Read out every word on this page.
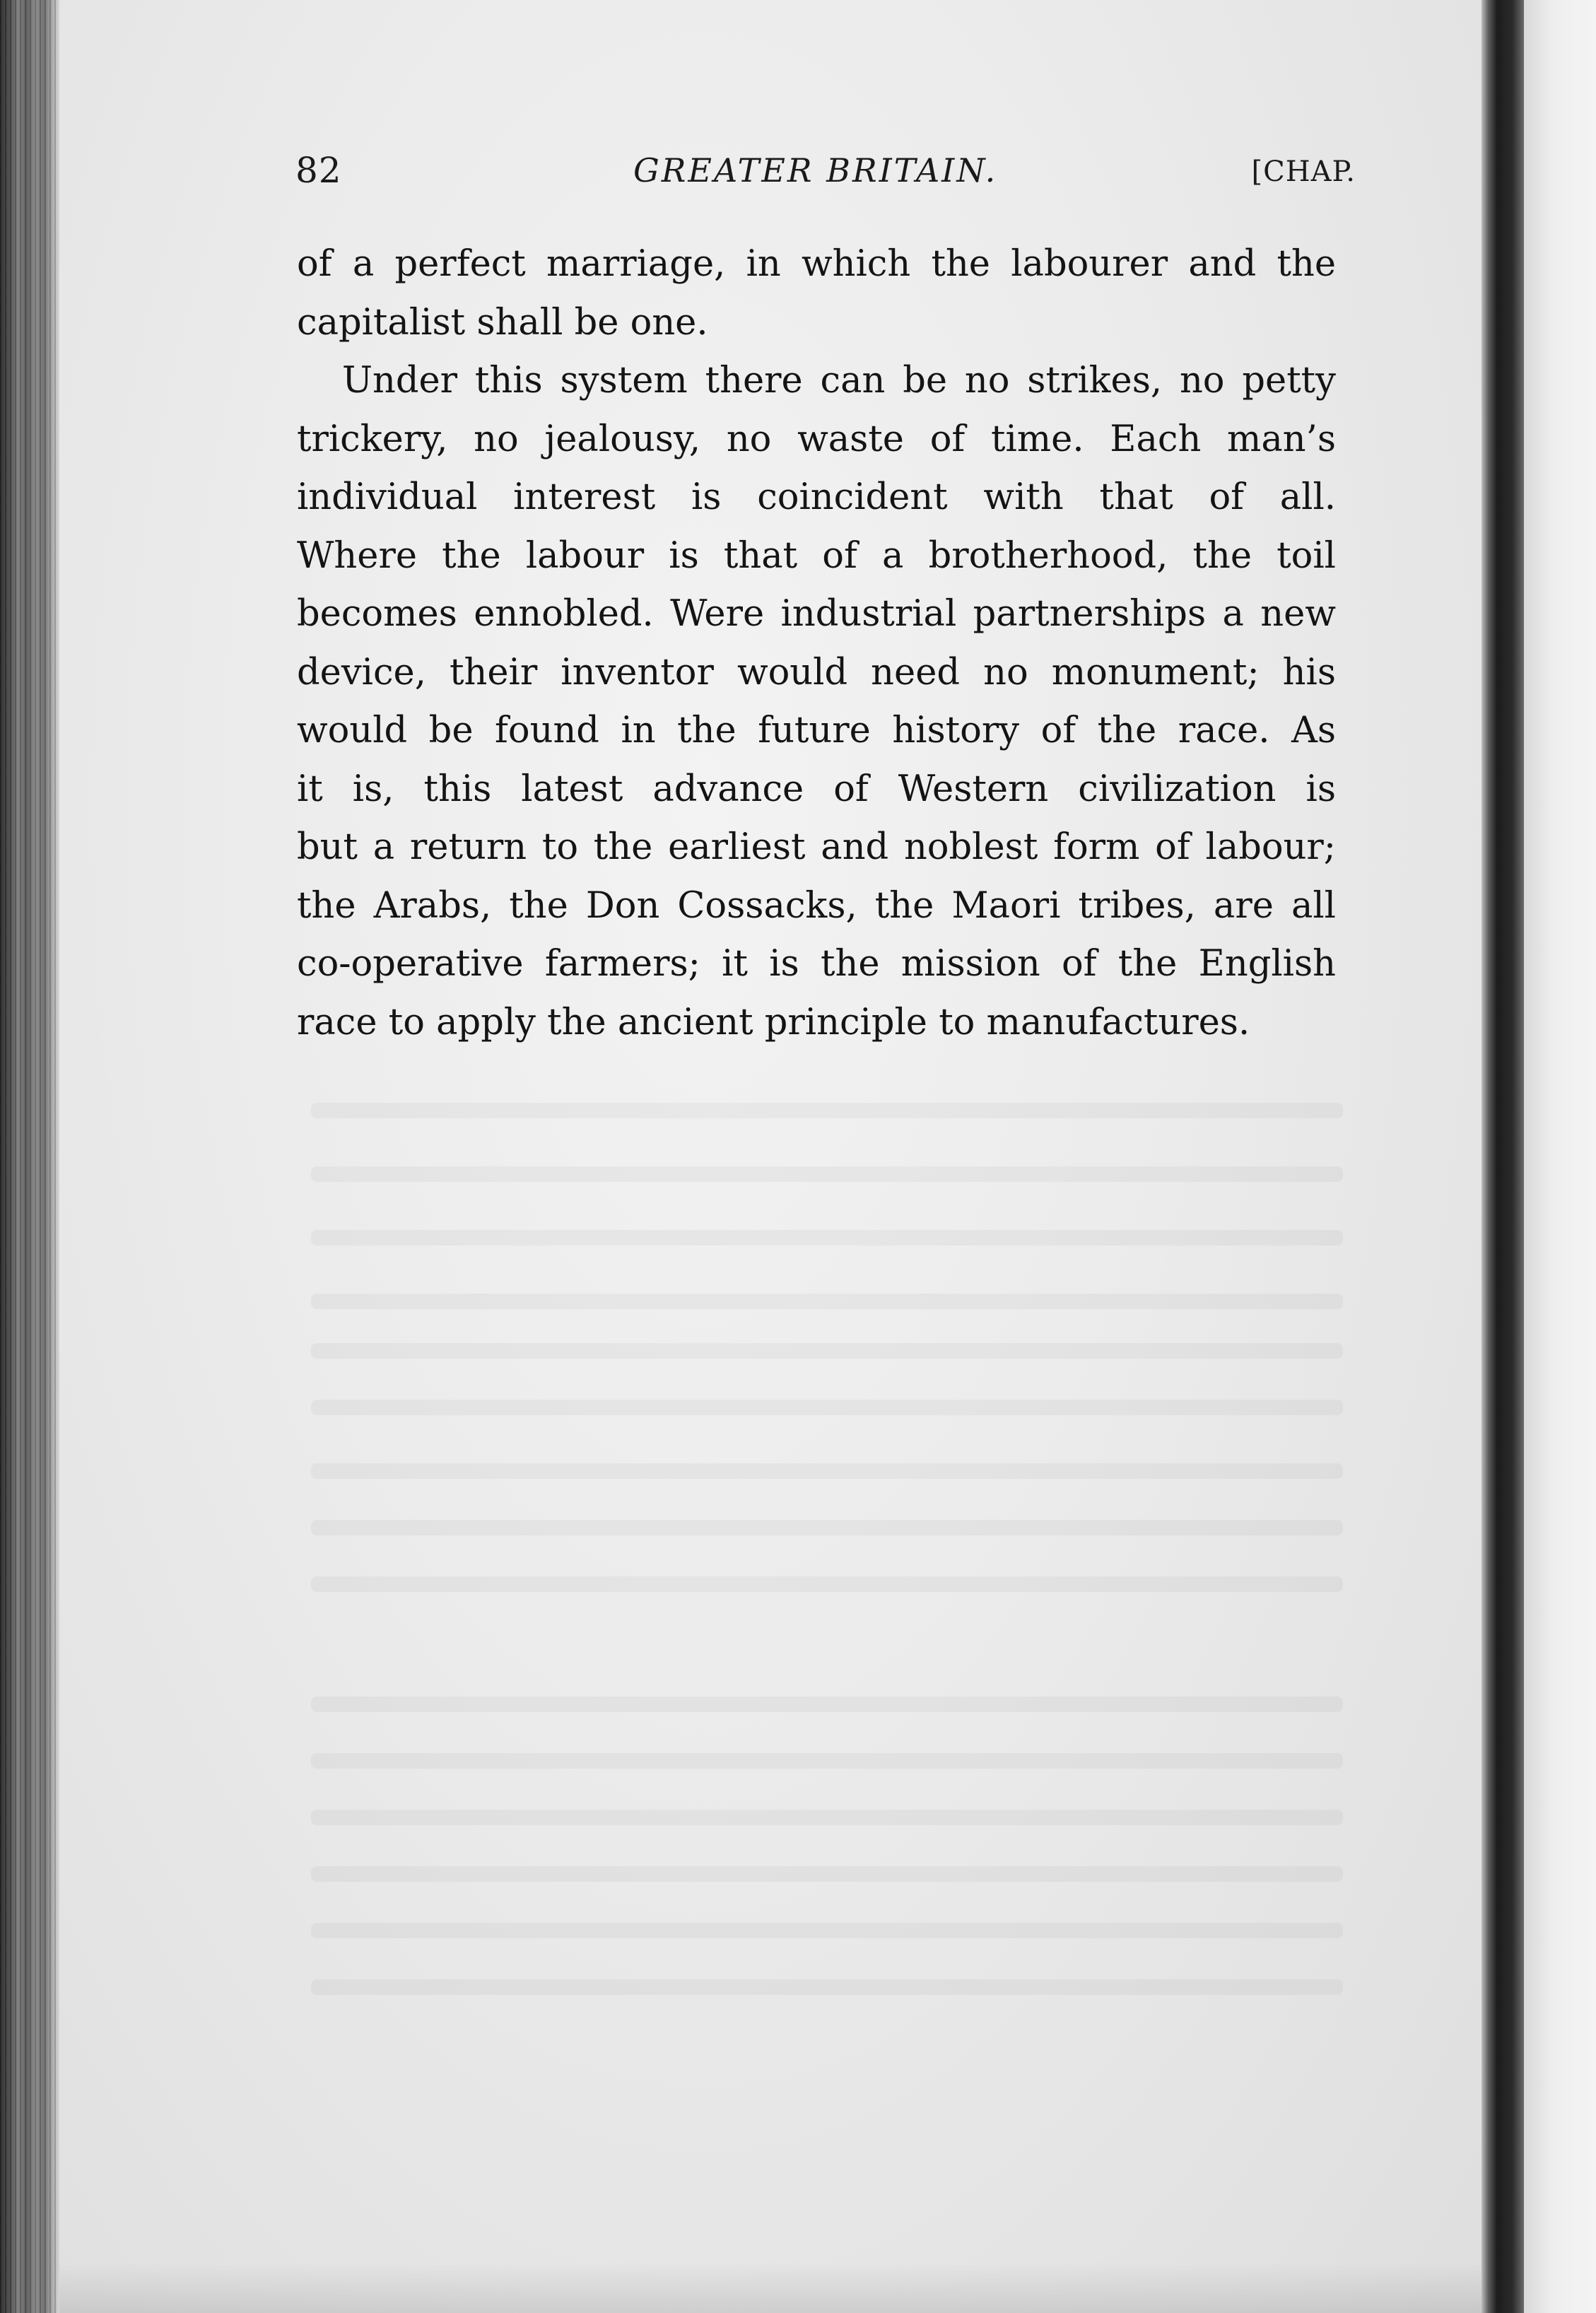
82	GREATER BRITAIN.	[CHAP.
of a perfect marriage, in which the labourer and the
capitalist shall be one.
Under this system there can be no strikes, no petty
trickery, no jealousy, no waste of time. Each man’s
individual interest is coincident with that of all.
Where the labour is that of a brotherhood, the toil
becomes ennobled. Were industrial partnerships a new
device, their inventor would need no monument; his
would be found in the future history of the race. As
it is, this latest advance of Western civilization is
but a return to the earliest and noblest form of labour;
the Arabs, the Don Cossacks, the Maori tribes, are all
co-operative farmers; it is the mission of the English
race to apply the ancient principle to manufactures.
